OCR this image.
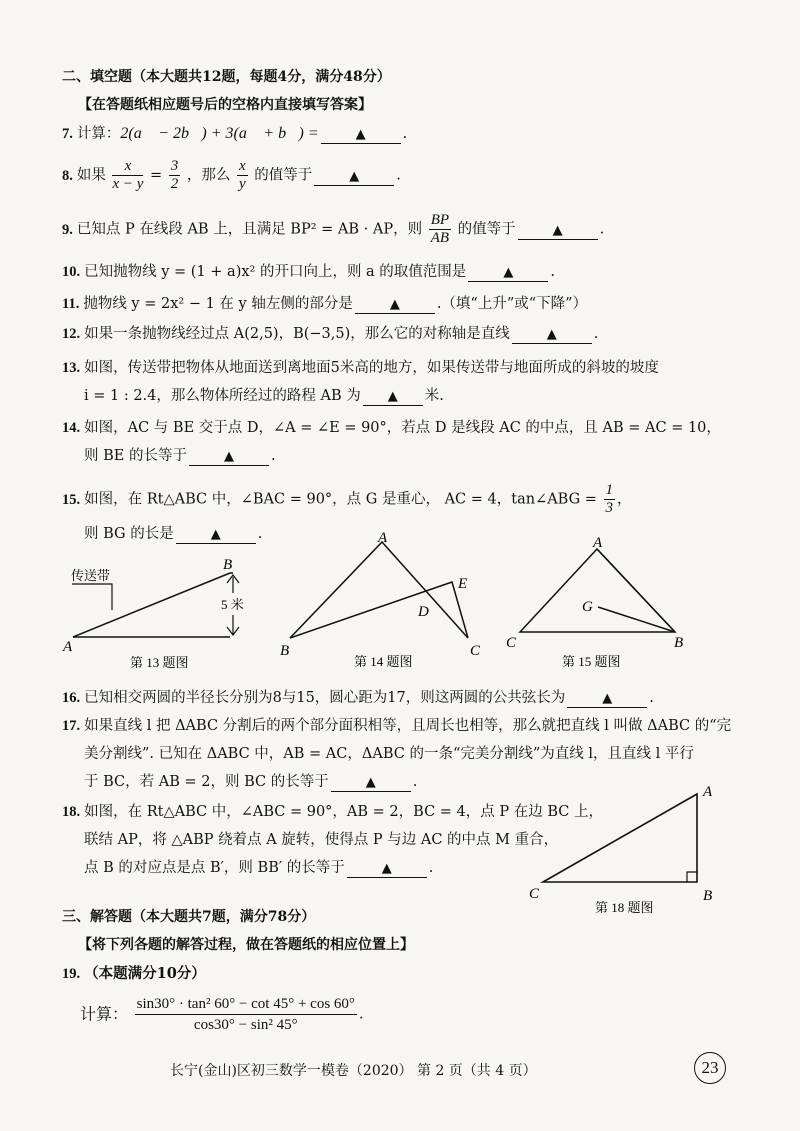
二、填空题（本大题共12题，每题4分，满分48分）
【在答题纸相应题号后的空格内直接填写答案】
7. 计算：2(a⃗ − 2b⃗) + 3(a⃗ + b⃗) =	▲	.
8. 如果 $\frac{x}{x - y} = \frac{3}{2}$ ，那么 $\frac{x}{y}$ 的值等于	▲	.
9. 已知点 P 在线段 AB 上，且满足 BP² = AB · AP，则 $\frac{BP}{AB}$ 的值等于	▲	.
10. 已知抛物线 y = (1 + a)x² 的开口向上，则 a 的取值范围是	▲	.
11. 抛物线 y = 2x² − 1 在 y 轴左侧的部分是	▲	.（填“上升”或“下降”）
12. 如果一条抛物线经过点 A(2,5)，B(−3,5)，那么它的对称轴是直线	▲	.
13. 如图，传送带把物体从地面送到离地面5米高的地方，如果传送带与地面所成的斜坡的坡度
i = 1 : 2.4，那么物体所经过的路程 AB 为 ▲ 米.
14. 如图，AC 与 BE 交于点 D，∠A = ∠E = 90°，若点 D 是线段 AC 的中点，且 AB = AC = 10，
则 BE 的长等于	▲	.
15. 如图，在 Rt△ABC 中，∠BAC = 90°，点 G 是重心， AC = 4，tan∠ABG = $\frac{1}{3}$ ，
则 BG 的长是	▲	.
传送带
A
B
5 米
第 13 题图
A
B	C
D
E
第 14 题图
A
C	B
G
第 15 题图
16. 已知相交两圆的半径长分别为8与15，圆心距为17，则这两圆的公共弦长为	▲	.
17. 如果直线 l 把 ΔABC 分割后的两个部分面积相等，且周长也相等，那么就把直线 l 叫做 ΔABC 的“完
美分割线”. 已知在 ΔABC 中，AB = AC，ΔABC 的一条“完美分割线”为直线 l，且直线 l 平行
于 BC，若 AB = 2，则 BC 的长等于	▲	.
18. 如图，在 Rt△ABC 中，∠ABC = 90°，AB = 2，BC = 4，点 P 在边 BC 上，
联结 AP，将 △ABP 绕着点 A 旋转，使得点 P 与边 AC 的中点 M 重合，
点 B 的对应点是点 B′，则 BB′ 的长等于	▲	.
A
C	B
第 18 题图
三、解答题（本大题共7题，满分78分）
【将下列各题的解答过程，做在答题纸的相应位置上】
19. （本题满分10分）
计算： $\frac{\text{sin30° · tan² 60° − cot 45° + cos 60°}}{\text{cos30° − sin² 45°}}$ .
长宁(金山)区初三数学一模卷（2020） 第 2 页（共 4 页）	23
